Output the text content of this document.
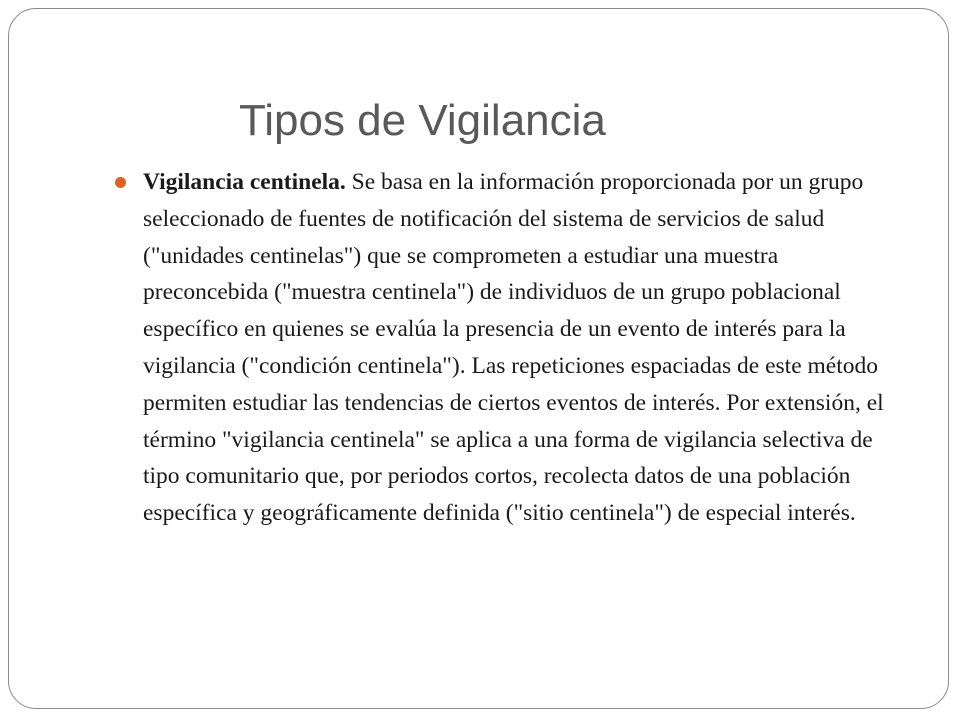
Tipos de Vigilancia
Vigilancia centinela. Se basa en la información proporcionada por un grupo seleccionado de fuentes de notificación del sistema de servicios de salud ("unidades centinelas") que se comprometen a estudiar una muestra preconcebida ("muestra centinela") de individuos de un grupo poblacional específico en quienes se evalúa la presencia de un evento de interés para la vigilancia ("condición centinela"). Las repeticiones espaciadas de este método permiten estudiar las tendencias de ciertos eventos de interés. Por extensión, el término "vigilancia centinela" se aplica a una forma de vigilancia selectiva de tipo comunitario que, por periodos cortos, recolecta datos de una población específica y geográficamente definida ("sitio centinela") de especial interés.
